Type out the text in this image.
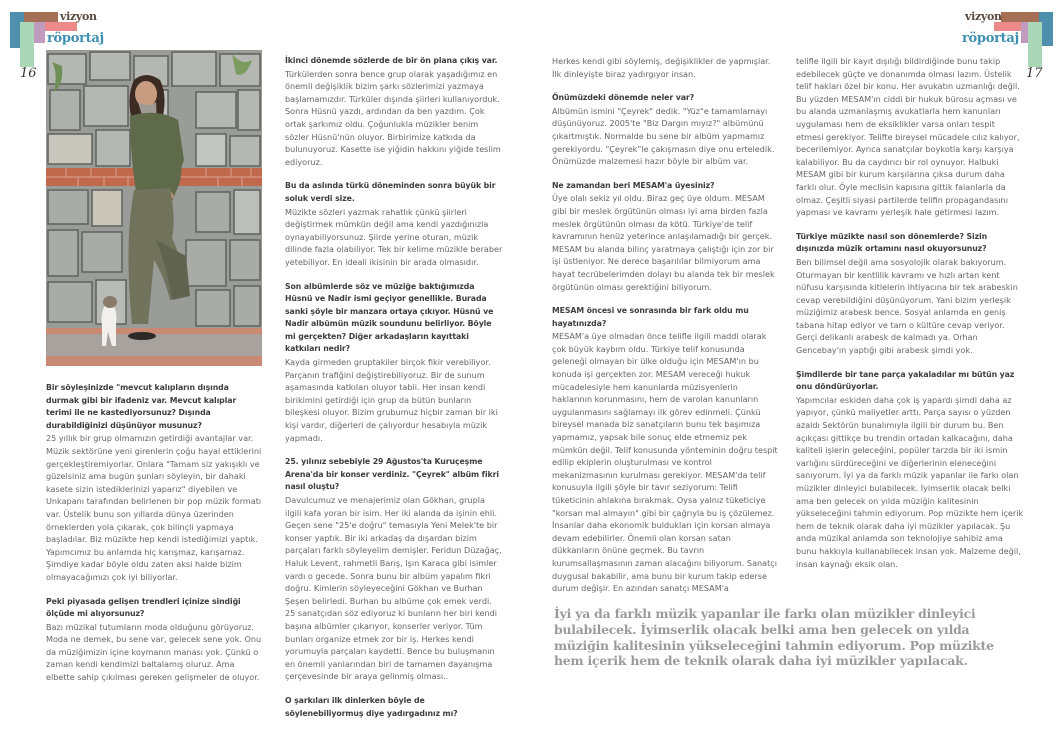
vizyon
röportaj
16
vizyon
röportaj
17

Bir söyleşinizde "mevcut kalıpların dışında durmak gibi bir ifadeniz var. Mevcut kalıplar terimi ile ne kastediyorsunuz? Dışında durabildiğinizi düşünüyor musunuz?
25 yıllık bir grup olmamızın getirdiği avantajlar var. Müzik sektörüne yeni girenlerin çoğu hayal ettiklerini gerçekleştiremiyorlar. Onlara "Tamam siz yakışıklı ve güzelsiniz ama bugün şunları söyleyin, bir dahaki kasete sizin istediklerinizi yaparız" diyebilen ve Unkapanı tarafından belirlenen bir pop müzik formatı var. Üstelik bunu son yıllarda dünya üzerinden örneklerden yola çıkarak, çok bilinçli yapmaya başladılar. Biz müzikte hep kendi istediğimizi yaptık. Yapımcımız bu anlamda hiç karışmaz, karışamaz. Şimdiye kadar böyle oldu zaten aksi halde bizim olmayacağımızı çok iyi biliyorlar.

Peki piyasada gelişen trendleri içinize sindiği ölçüde mi alıyorsunuz?
Bazı müzikal tutumların moda olduğunu görüyoruz. Moda ne demek, bu sene var, gelecek sene yok. Onu da müziğimizin içine koymanın manası yok. Çünkü o zaman kendi kendimizi baltalamış oluruz. Ama elbette sahip çıkılması gereken gelişmeler de oluyor.

İkinci dönemde sözlerde de bir ön plana çıkış var.
Türkülerden sonra bence grup olarak yaşadığımız en önemli değişiklik bizim şarkı sözlerimizi yazmaya başlamamızdır. Türküler dışında şiirleri kullanıyorduk. Sonra Hüsnü yazdı, ardından da ben yazdım. Çok ortak şarkımız oldu. Çoğunlukla müzikler benim sözler Hüsnü'nün oluyor. Birbirimize katkıda da bulunuyoruz. Kasette ise yiğidin hakkını yiğide teslim ediyoruz.

Bu da aslında türkü döneminden sonra büyük bir soluk verdi size.
Müzikte sözleri yazmak rahatlık çünkü şiirleri değiştirmek mümkün değil ama kendi yazdığınızla oynayabiliyorsunuz. Şiirde yerine oturan, müzik dilinde fazla olabiliyor. Tek bir kelime müzikle beraber yetebiliyor. En ideali ikisinin bir arada olmasıdır.

Son albümlerde söz ve müziğe baktığımızda Hüsnü ve Nadir ismi geçiyor genellikle. Burada sanki şöyle bir manzara ortaya çıkıyor. Hüsnü ve Nadir albümün müzik soundunu belirliyor. Böyle mi gerçekten? Diğer arkadaşların kayıttaki katkıları nedir?
Kayda girmeden gruptakiler birçok fikir verebiliyor. Parçanın trafiğini değiştirebiliyoruz. Bir de sunum aşamasında katkıları oluyor tabii. Her insan kendi birikimini getirdiği için grup da bütün bunların bileşkesi oluyor. Bizim grubumuz hiçbir zaman bir iki kişi vardır, diğerleri de çalıyordur hesabıyla müzik yapmadı.

25. yılınız sebebiyle 29 Ağustos'ta Kuruçeşme Arena'da bir konser verdiniz. "Çeyrek" albüm fikri nasıl oluştu?
Davulcumuz ve menajerimiz olan Gökhan, grupla ilgili kafa yoran bir isim. Her iki alanda da işinin ehli. Geçen sene "25'e doğru" temasıyla Yeni Melek'te bir konser yaptık. Bir iki arkadaş da dışardan bizim parçaları farklı söyleyelim demişler. Feridun Düzağaç, Haluk Levent, rahmetli Barış, Işın Karaca gibi isimler vardı o gecede. Sonra bunu bir albüm yapalım fikri doğru. Kimlerin söyleyeceğini Gökhan ve Burhan Şeşen belirledi. Burhan bu albüme çok emek verdi. 25 sanatçıdan söz ediyoruz ki bunların her biri kendi başına albümler çıkarıyor, konserler veriyor. Tüm bunları organize etmek zor bir iş. Herkes kendi yorumuyla parçaları kaydetti. Bence bu buluşmanın en önemli yanlarından biri de tamamen dayanışma çerçevesinde bir araya gelinmiş olması..

O şarkıları ilk dinlerken böyle de söylenebiliyormuş diye yadırgadınız mı?

Herkes kendi gibi söylemiş, değişiklikler de yapmışlar. İlk dinleyişte biraz yadırgıyor insan.

Önümüzdeki dönemde neler var?
Albümün ismini "Çeyrek" dedik. "Yüz"e tamamlamayı düşünüyoruz. 2005'te "Biz Dargın mıyız?" albümünü çıkartmıştık. Normalde bu sene bir albüm yapmamız gerekiyordu. "Çeyrek"le çakışmasın diye onu erteledik. Önümüzde malzemesi hazır böyle bir albüm var.

Ne zamandan beri MESAM'a üyesiniz?
Üye olalı sekiz yıl oldu. Biraz geç üye oldum. MESAM gibi bir meslek örgütünün olması iyi ama birden fazla meslek örgütünün olması da kötü. Türkiye'de telif kavramının henüz yeterince anlaşılamadığı bir gerçek. MESAM bu alanda bilinç yaratmaya çalıştığı için zor bir işi üstleniyor. Ne derece başarılılar bilmiyorum ama hayat tecrübelerimden dolayı bu alanda tek bir meslek örgütünün olması gerektiğini biliyorum.

MESAM öncesi ve sonrasında bir fark oldu mu hayatınızda?
MESAM'a üye olmadan önce telifle ilgili maddi olarak çok büyük kaybım oldu. Türkiye telif konusunda geleneği olmayan bir ülke olduğu için MESAM'ın bu konuda işi gerçekten zor. MESAM vereceği hukuk mücadelesiyle hem kanunlarda müzisyenlerin haklarının korunmasını, hem de varolan kanunların uygulanmasını sağlamayı ilk görev edinmeli. Çünkü bireysel manada biz sanatçıların bunu tek başımıza yapmamız, yapsak bile sonuç elde etmemiz pek mümkün değil. Telif konusunda yönteminin doğru tespit edilip ekiplerin oluşturulması ve kontrol mekanizmasının kurulması gerekiyor. MESAM'da telif konusuyla ilgili şöyle bir tavır seziyorum: Telifi tüketicinin ahlakına bırakmak. Oysa yalnız tüketiciye "korsan mal almayın" gibi bir çağrıyla bu iş çözülemez. İnsanlar daha ekonomik buldukları için korsan almaya devam edebilirler. Önemli olan korsan satan dükkanların önüne geçmek. Bu tavrın kurumsallaşmasının zaman alacağını biliyorum. Sanatçı duygusal bakabilir, ama bunu bir kurum takip ederse durum değişir. En azından sanatçı MESAM'a

telifle ilgili bir kayıt dışılığı bildirdiğinde bunu takip edebilecek güçte ve donanımda olması lazım. Üstelik telif hakları özel bir konu. Her avukatın uzmanlığı değil. Bu yüzden MESAM'ın ciddi bir hukuk bürosu açması ve bu alanda uzmanlaşmış avukatlarla hem kanunları uygulaması hem de eksiklikler varsa onları tespit etmesi gerekiyor. Telifte bireysel mücadele cılız kalıyor, becerilemiyor. Ayrıca sanatçılar boykotla karşı karşıya kalabiliyor. Bu da caydırıcı bir rol oynuyor. Halbuki MESAM gibi bir kurum karşılarına çıksa durum daha farklı olur. Öyle meclisin kapısına gittik falanlarla da olmaz. Çeşitli siyasi partilerde telifin propagandasını yapması ve kavramı yerleşik hale getirmesi lazım.

Türkiye müzikte nasıl son dönemlerde? Sizin dışınızda müzik ortamını nasıl okuyorsunuz?
Ben bilimsel değil ama sosyolojik olarak bakıyorum. Oturmayan bir kentlilik kavramı ve hızlı artan kent nüfusu karşısında kitlelerin ihtiyacına bir tek arabeskin cevap verebildiğini düşünüyorum. Yani bizim yerleşik müziğimiz arabesk bence. Sosyal anlamda en geniş tabana hitap ediyor ve tam o kültüre cevap veriyor. Gerçi delikanlı arabesk de kalmadı ya. Orhan Gencebay'ın yaptığı gibi arabesk şimdi yok.

Şimdilerde bir tane parça yakaladılar mı bütün yaz onu döndürüyorlar.
Yapımcılar eskiden daha çok iş yapardı şimdi daha az yapıyor, çünkü maliyetler arttı. Parça sayısı o yüzden azaldı Sektörün bunalımıyla ilgili bir durum bu. Ben açıkçası gittikçe bu trendin ortadan kalkacağını, daha kaliteli işlerin geleceğini, popüler tarzda bir iki ismin varlığını sürdüreceğini ve diğerlerinin eleneceğini sanıyorum. İyi ya da farklı müzik yapanlar ile farkı olan müzikler dinleyici bulabilecek. İyimserlik olacak belki ama ben gelecek on yılda müziğin kalitesinin yükseleceğini tahmin ediyorum. Pop müzikte hem içerik hem de teknik olarak daha iyi müzikler yapılacak. Şu anda müzikal anlamda son teknolojiye sahibiz ama bunu hakkıyla kullanabilecek insan yok. Malzeme değil, insan kaynağı eksik olan.

İyi ya da farklı müzik yapanlar ile farkı olan müzikler dinleyici bulabilecek. İyimserlik olacak belki ama ben gelecek on yılda müziğin kalitesinin yükseleceğini tahmin ediyorum. Pop müzikte hem içerik hem de teknik olarak daha iyi müzikler yapılacak.
